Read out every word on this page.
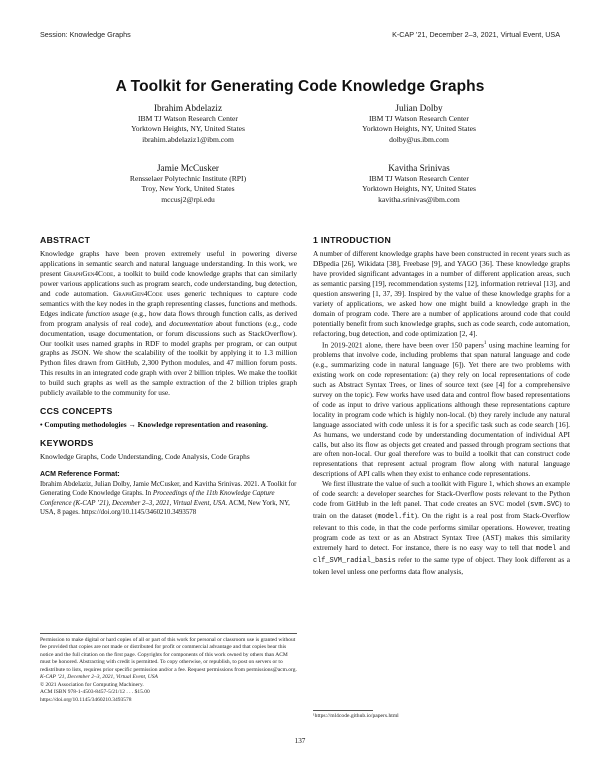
Session: Knowledge Graphs	K-CAP ’21, December 2–3, 2021, Virtual Event, USA
A Toolkit for Generating Code Knowledge Graphs
Ibrahim Abdelaziz
IBM TJ Watson Research Center
Yorktown Heights, NY, United States
ibrahim.abdelaziz1@ibm.com
Julian Dolby
IBM TJ Watson Research Center
Yorktown Heights, NY, United States
dolby@us.ibm.com
Jamie McCusker
Rensselaer Polytechnic Institute (RPI)
Troy, New York, United States
mccusj2@rpi.edu
Kavitha Srinivas
IBM TJ Watson Research Center
Yorktown Heights, NY, United States
kavitha.srinivas@ibm.com
ABSTRACT

Knowledge graphs have been proven extremely useful in powering diverse applications in semantic search and natural language understanding. In this work, we present GraphGen4Code, a toolkit to build code knowledge graphs that can similarly power various applications such as program search, code understanding, bug detection, and code automation. GraphGen4Code uses generic techniques to capture code semantics with the key nodes in the graph representing classes, functions and methods. Edges indicate function usage (e.g., how data flows through function calls, as derived from program analysis of real code), and documentation about functions (e.g., code documentation, usage documentation, or forum discussions such as StackOverflow). Our toolkit uses named graphs in RDF to model graphs per program, or can output graphs as JSON. We show the scalability of the toolkit by applying it to 1.3 million Python files drawn from GitHub, 2,300 Python modules, and 47 million forum posts. This results in an integrated code graph with over 2 billion triples. We make the toolkit to build such graphs as well as the sample extraction of the 2 billion triples graph publicly available to the community for use.

CCS CONCEPTS

• Computing methodologies → Knowledge representation and reasoning.

KEYWORDS

Knowledge Graphs, Code Understanding, Code Analysis, Code Graphs

ACM Reference Format:

Ibrahim Abdelaziz, Julian Dolby, Jamie McCusker, and Kavitha Srinivas. 2021. A Toolkit for Generating Code Knowledge Graphs. In Proceedings of the 11th Knowledge Capture Conference (K-CAP ’21), December 2–3, 2021, Virtual Event, USA. ACM, New York, NY, USA, 8 pages. https://doi.org/10.1145/3460210.3493578

Permission to make digital or hard copies of all or part of this work for personal or classroom use is granted without fee provided that copies are not made or distributed for profit or commercial advantage and that copies bear this notice and the full citation on the first page. Copyrights for components of this work owned by others than ACM must be honored. Abstracting with credit is permitted. To copy otherwise, or republish, to post on servers or to redistribute to lists, requires prior specific permission and/or a fee. Request permissions from permissions@acm.org.
K-CAP ’21, December 2–3, 2021, Virtual Event, USA
© 2021 Association for Computing Machinery.
ACM ISBN 978-1-4503-8457-5/21/12 . . . $15.00
https://doi.org/10.1145/3460210.3493578
1 INTRODUCTION

A number of different knowledge graphs have been constructed in recent years such as DBpedia [26], Wikidata [38], Freebase [9], and YAGO [36]. These knowledge graphs have provided significant advantages in a number of different application areas, such as semantic parsing [19], recommendation systems [12], information retrieval [13], and question answering [1, 37, 39]. Inspired by the value of these knowledge graphs for a variety of applications, we asked how one might build a knowledge graph in the domain of program code. There are a number of applications around code that could potentially benefit from such knowledge graphs, such as code search, code automation, refactoring, bug detection, and code optimization [2, 4].

In 2019-2021 alone, there have been over 150 papers$^1$ using machine learning for problems that involve code, including problems that span natural language and code (e.g., summarizing code in natural language [6]). Yet there are two problems with existing work on code representation: (a) they rely on local representations of code such as Abstract Syntax Trees, or lines of source text (see [4] for a comprehensive survey on the topic). Few works have used data and control flow based representations of code as input to drive various applications although these representations capture locality in program code which is highly non-local. (b) they rarely include any natural language associated with code unless it is for a specific task such as code search [16]. As humans, we understand code by understanding documentation of individual API calls, but also its flow as objects get created and passed through program sections that are often non-local. Our goal therefore was to build a toolkit that can construct code representations that represent actual program flow along with natural language descriptions of API calls when they exist to enhance code representations.

We first illustrate the value of such a toolkit with Figure 1, which shows an example of code search: a developer searches for Stack-Overflow posts relevant to the Python code from GitHub in the left panel. That code creates an SVC model (svm.SVC) to train on the dataset (model.fit). On the right is a real post from Stack-Overflow relevant to this code, in that the code performs similar operations. However, treating program code as text or as an Abstract Syntax Tree (AST) makes this similarity extremely hard to detect. For instance, there is no easy way to tell that model and clf_SVM_radial_basis refer to the same type of object. They look different as a token level unless one performs data flow analysis,

¹https://ml4code.github.io/papers.html
137
